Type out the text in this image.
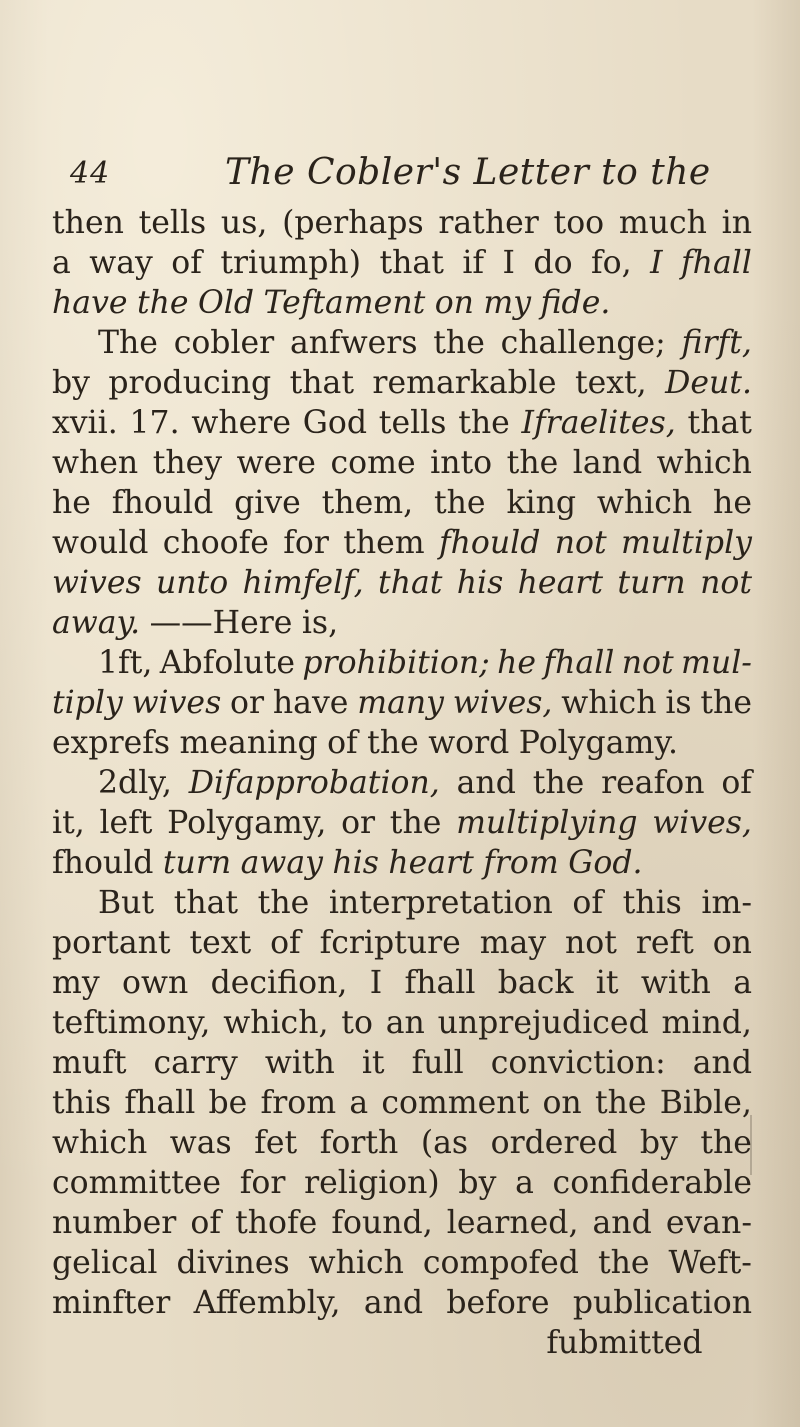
44	The Cobler's Letter to the
then tells us, (perhaps rather too much in
a way of triumph) that if I do fo, I fhall
have the Old Teftament on my fide.
The cobler anfwers the challenge; firft,
by producing that remarkable text, Deut.
xvii. 17. where God tells the Ifraelites, that
when they were come into the land which
he fhould give them, the king which he
would choofe for them fhould not multiply
wives unto himfelf, that his heart turn not
away. ——Here is,
1ft, Abfolute prohibition; he fhall not mul-
tiply wives or have many wives, which is the
exprefs meaning of the word Polygamy.
2dly, Difapprobation, and the reafon of
it, left Polygamy, or the multiplying wives,
fhould turn away his heart from God.
But that the interpretation of this im-
portant text of fcripture may not reft on
my own decifion, I fhall back it with a
teftimony, which, to an unprejudiced mind,
muft carry with it full conviction: and
this fhall be from a comment on the Bible,
which was fet forth (as ordered by the
committee for religion) by a confiderable
number of thofe found, learned, and evan-
gelical divines which compofed the Weft-
minfter Affembly, and before publication
fubmitted
